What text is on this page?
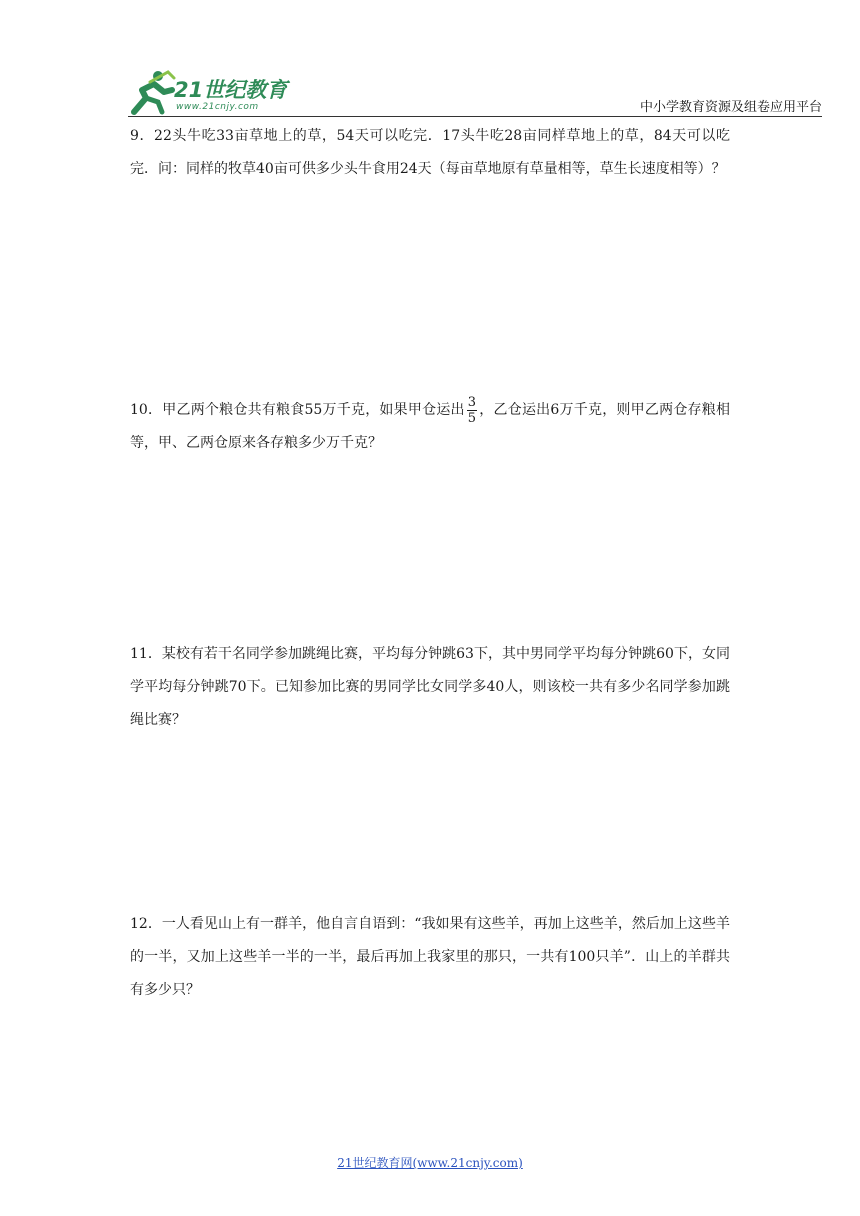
21世纪教育
www.21cnjy.com	中小学教育资源及组卷应用平台
9．22头牛吃33亩草地上的草，54天可以吃完．17头牛吃28亩同样草地上的草，84天可以吃完．问：同样的牧草40亩可供多少头牛食用24天（每亩草地原有草量相等，草生长速度相等）？
10．甲乙两个粮仓共有粮食55万千克，如果甲仓运出 $\frac{3}{5}$ ，乙仓运出6万千克，则甲乙两仓存粮相等，甲、乙两仓原来各存粮多少万千克？
11．某校有若干名同学参加跳绳比赛，平均每分钟跳63下，其中男同学平均每分钟跳60下，女同学平均每分钟跳70下。已知参加比赛的男同学比女同学多40人，则该校一共有多少名同学参加跳绳比赛？
12．一人看见山上有一群羊，他自言自语到：“我如果有这些羊，再加上这些羊，然后加上这些羊的一半，又加上这些羊一半的一半，最后再加上我家里的那只，一共有100只羊”．山上的羊群共有多少只？
21世纪教育网(www.21cnjy.com)
